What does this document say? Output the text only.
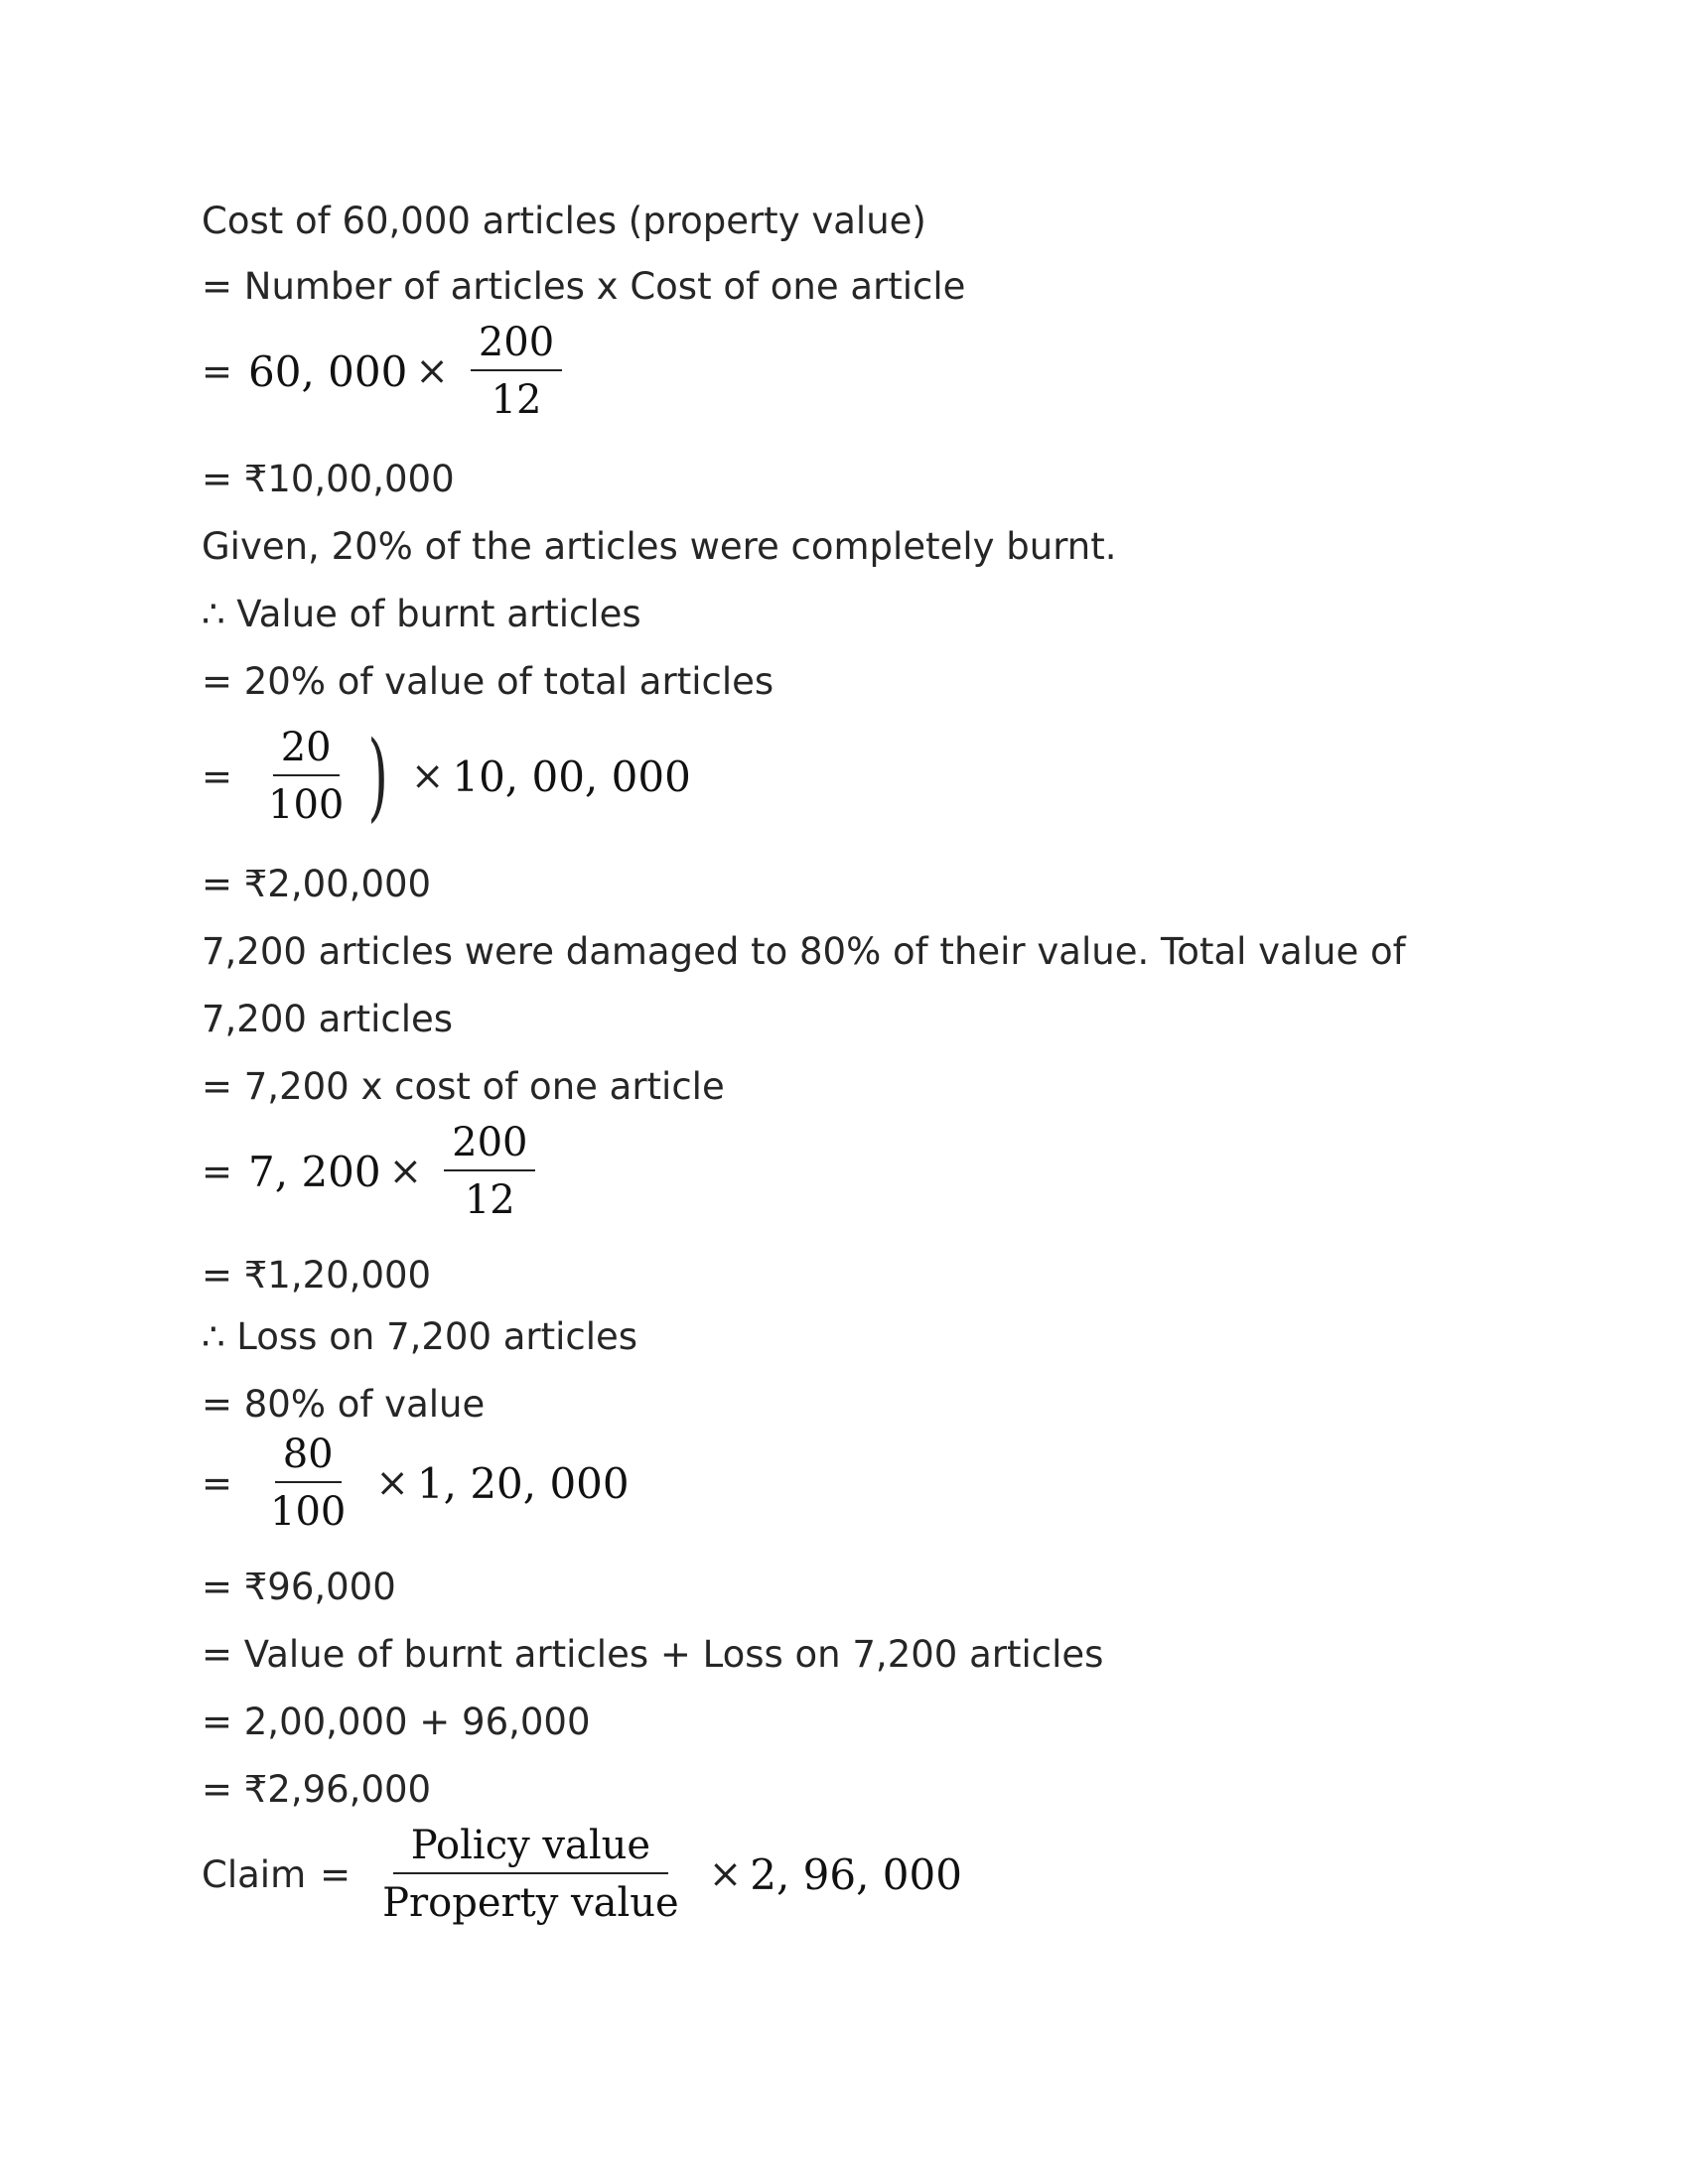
Cost of 60,000 articles (property value)
= Number of articles x Cost of one article
= 60, $000 \times \frac{200}{12}$
= ₹10,00,000
Given, 20% of the articles were completely burnt.
∴ Value of burnt articles
= 20% of value of total articles
= $\frac{20}{100}$ ) × 10, 00, 000
= ₹2,00,000
7,200 articles were damaged to 80% of their value. Total value of
7,200 articles
= 7,200 x cost of one article
= 7, $200 \times \frac{200}{12}$
= ₹1,20,000
∴ Loss on 7,200 articles
= 80% of value
= $\frac{80}{100} \times 1$, 20, 000
= ₹96,000
= Value of burnt articles + Loss on 7,200 articles
= 2,00,000 + 96,000
= ₹2,96,000
Claim = $\frac{\text{Policy value}}{\text{Property value}} \times 2$, 96, 000
